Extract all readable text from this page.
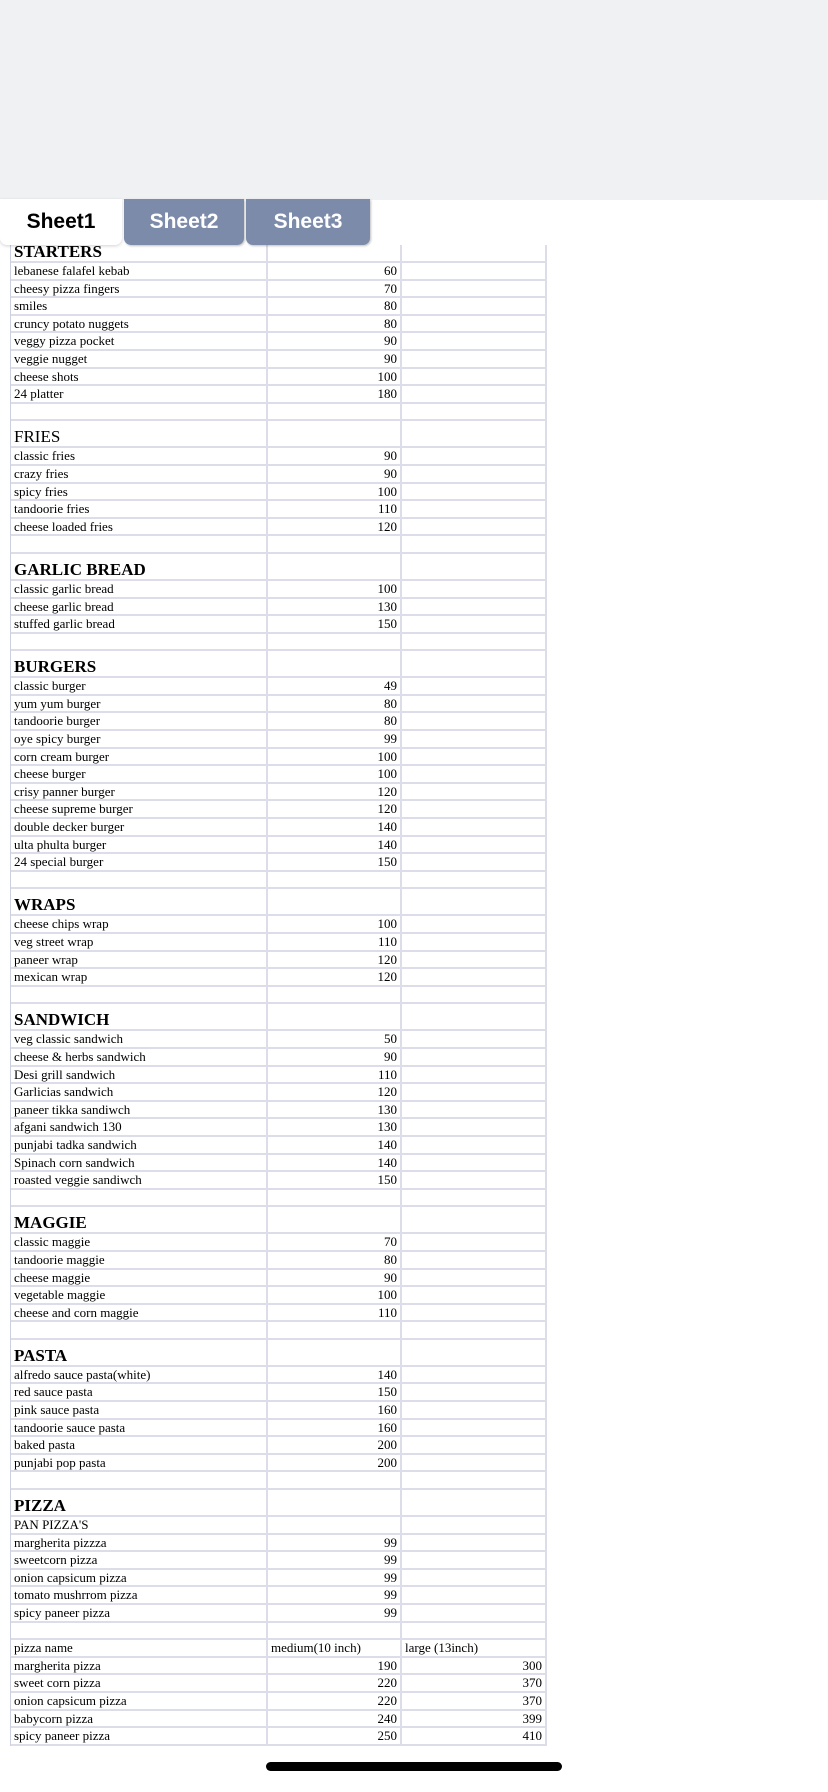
Sheet1	Sheet2	Sheet3
STARTERS
lebanese falafel kebab	60
cheesy pizza fingers	70
smiles	80
cruncy potato nuggets	80
veggy pizza pocket	90
veggie nugget	90
cheese shots	100
24 platter	180
FRIES
classic fries	90
crazy fries	90
spicy fries	100
tandoorie fries	110
cheese loaded fries	120
GARLIC BREAD
classic garlic bread	100
cheese garlic bread	130
stuffed garlic bread	150
BURGERS
classic burger	49
yum yum burger	80
tandoorie burger	80
oye spicy burger	99
corn cream burger	100
cheese burger	100
crisy panner burger	120
cheese supreme burger	120
double decker burger	140
ulta phulta burger	140
24 special burger	150
WRAPS
cheese chips wrap	100
veg street wrap	110
paneer wrap	120
mexican wrap	120
SANDWICH
veg classic sandwich	50
cheese & herbs sandwich	90
Desi grill sandwich	110
Garlicias sandwich	120
paneer tikka sandiwch	130
afgani sandwich 130	130
punjabi tadka sandwich	140
Spinach corn sandwich	140
roasted veggie sandiwch	150
MAGGIE
classic maggie	70
tandoorie maggie	80
cheese maggie	90
vegetable maggie	100
cheese and corn maggie	110
PASTA
alfredo sauce pasta(white)	140
red sauce pasta	150
pink sauce pasta	160
tandoorie sauce pasta	160
baked pasta	200
punjabi pop pasta	200
PIZZA
PAN PIZZA'S
margherita pizzza	99
sweetcorn pizza	99
onion capsicum pizza	99
tomato mushrrom pizza	99
spicy paneer pizza	99
pizza name	medium(10 inch)	large (13inch)
margherita pizza	190	300
sweet corn pizza	220	370
onion capsicum pizza	220	370
babycorn pizza	240	399
spicy paneer pizza	250	410
